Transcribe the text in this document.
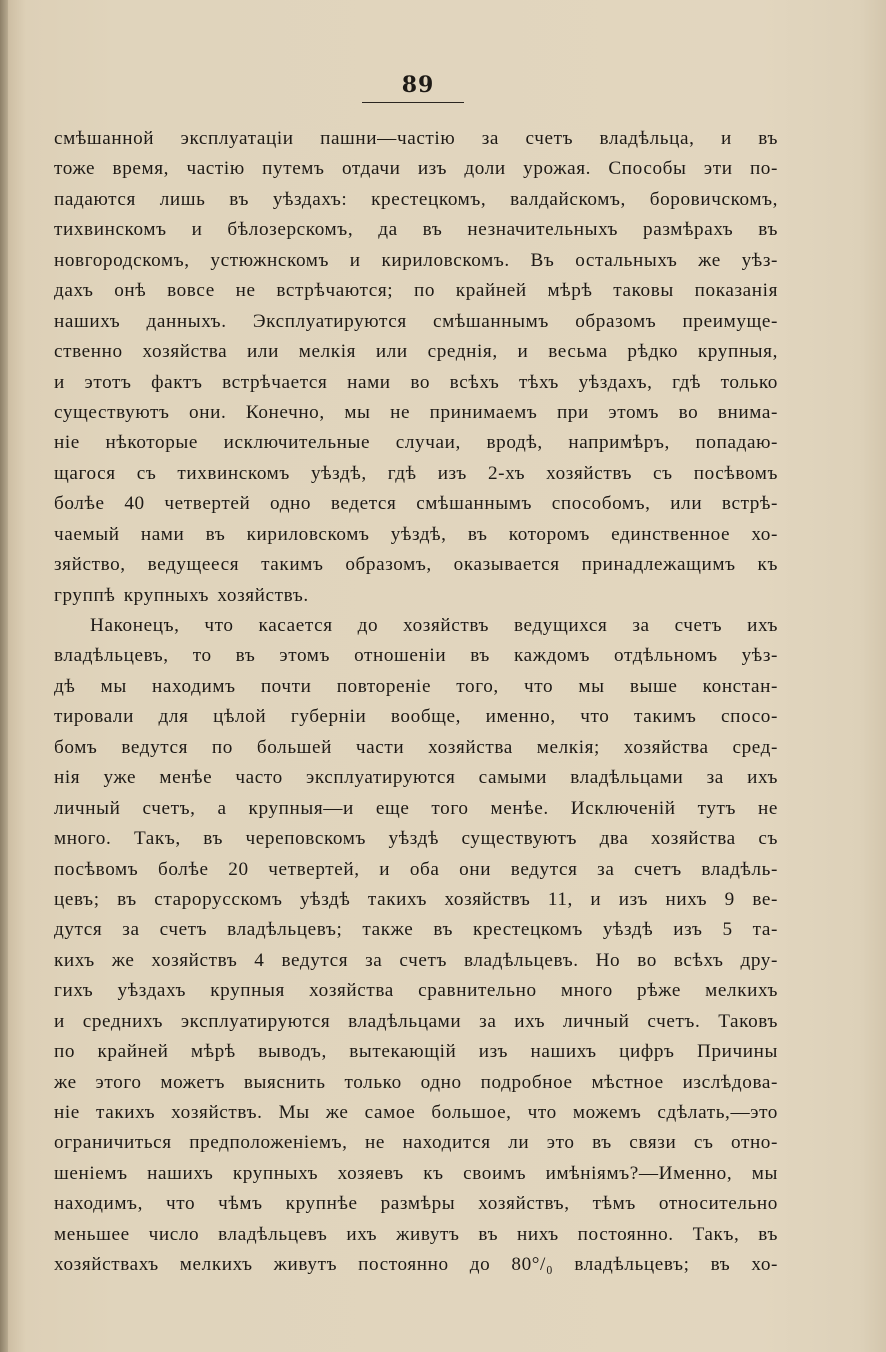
89
смѣшанной эксплуатаціи пашни—частію за счетъ владѣльца, и въ
тоже время, частію путемъ отдачи изъ доли урожая. Способы эти по-
падаются лишь въ уѣздахъ: крестецкомъ, валдайскомъ, боровичскомъ,
тихвинскомъ и бѣлозерскомъ, да въ незначительныхъ размѣрахъ въ
новгородскомъ, устюжнскомъ и кириловскомъ. Въ остальныхъ же уѣз-
дахъ онѣ вовсе не встрѣчаются; по крайней мѣрѣ таковы показанія
нашихъ данныхъ. Эксплуатируются смѣшаннымъ образомъ преимуще-
ственно хозяйства или мелкія или среднія, и весьма рѣдко крупныя,
и этотъ фактъ встрѣчается нами во всѣхъ тѣхъ уѣздахъ, гдѣ только
существуютъ они. Конечно, мы не принимаемъ при этомъ во внима-
ніе нѣкоторые исключительные случаи, вродѣ, напримѣръ, попадаю-
щагося съ тихвинскомъ уѣздѣ, гдѣ изъ 2-хъ хозяйствъ съ посѣвомъ
болѣе 40 четвертей одно ведется смѣшаннымъ способомъ, или встрѣ-
чаемый нами въ кириловскомъ уѣздѣ, въ которомъ единственное хо-
зяйство, ведущееся такимъ образомъ, оказывается принадлежащимъ къ
группѣ крупныхъ хозяйствъ.
Наконецъ, что касается до хозяйствъ ведущихся за счетъ ихъ
владѣльцевъ, то въ этомъ отношеніи въ каждомъ отдѣльномъ уѣз-
дѣ мы находимъ почти повтореніе того, что мы выше констан-
тировали для цѣлой губерніи вообще, именно, что такимъ спосо-
бомъ ведутся по большей части хозяйства мелкія; хозяйства сред-
нія уже менѣе часто эксплуатируются самыми владѣльцами за ихъ
личный счетъ, а крупныя—и еще того менѣе. Исключеній тутъ не
много. Такъ, въ череповскомъ уѣздѣ существуютъ два хозяйства съ
посѣвомъ болѣе 20 четвертей, и оба они ведутся за счетъ владѣль-
цевъ; въ старорусскомъ уѣздѣ такихъ хозяйствъ 11, и изъ нихъ 9 ве-
дутся за счетъ владѣльцевъ; также въ крестецкомъ уѣздѣ изъ 5 та-
кихъ же хозяйствъ 4 ведутся за счетъ владѣльцевъ. Но во всѣхъ дру-
гихъ уѣздахъ крупныя хозяйства сравнительно много рѣже мелкихъ
и среднихъ эксплуатируются владѣльцами за ихъ личный счетъ. Таковъ
по крайней мѣрѣ выводъ, вытекающій изъ нашихъ цифръ Причины
же этого можетъ выяснить только одно подробное мѣстное изслѣдова-
ніе такихъ хозяйствъ. Мы же самое большое, что можемъ сдѣлать,—это
ограничиться предположеніемъ, не находится ли это въ связи съ отно-
шеніемъ нашихъ крупныхъ хозяевъ къ своимъ имѣніямъ?—Именно, мы
находимъ, что чѣмъ крупнѣе размѣры хозяйствъ, тѣмъ относительно
меньшее число владѣльцевъ ихъ живутъ въ нихъ постоянно. Такъ, въ
хозяйствахъ мелкихъ живутъ постоянно до 80°/₀ владѣльцевъ; въ хо-
